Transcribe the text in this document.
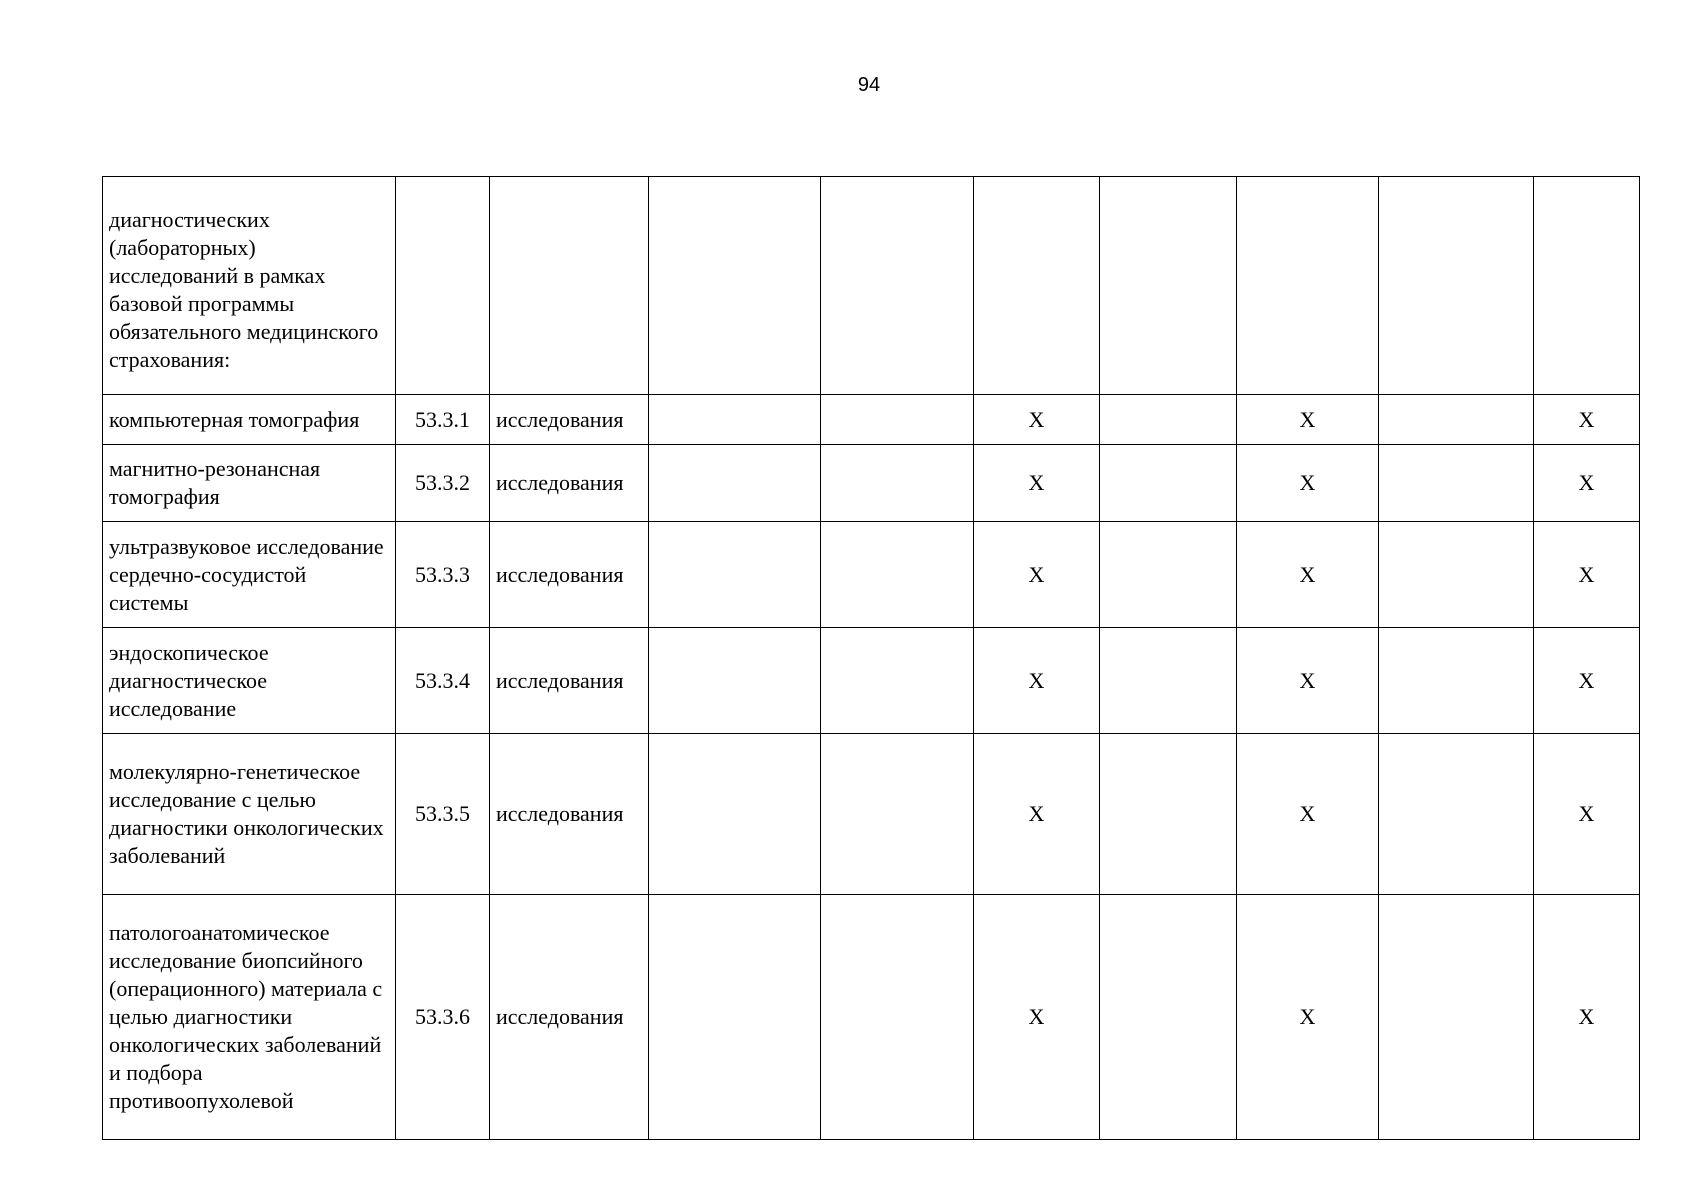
94
диагностических (лабораторных) исследований в рамках базовой программы обязательного медицинского страхования:									
компьютерная томография	53.3.1	исследования			Х		Х		Х
магнитно-резонансная томография	53.3.2	исследования			Х		Х		Х
ультразвуковое исследование сердечно-сосудистой системы	53.3.3	исследования			Х		Х		Х
эндоскопическое диагностическое исследование	53.3.4	исследования			Х		Х		Х
молекулярно-генетическое исследование с целью диагностики онкологических заболеваний	53.3.5	исследования			Х		Х		Х
патологоанатомическое исследование биопсийного (операционного) материала с целью диагностики онкологических заболеваний и подбора противоопухолевой	53.3.6	исследования			Х		Х		Х
